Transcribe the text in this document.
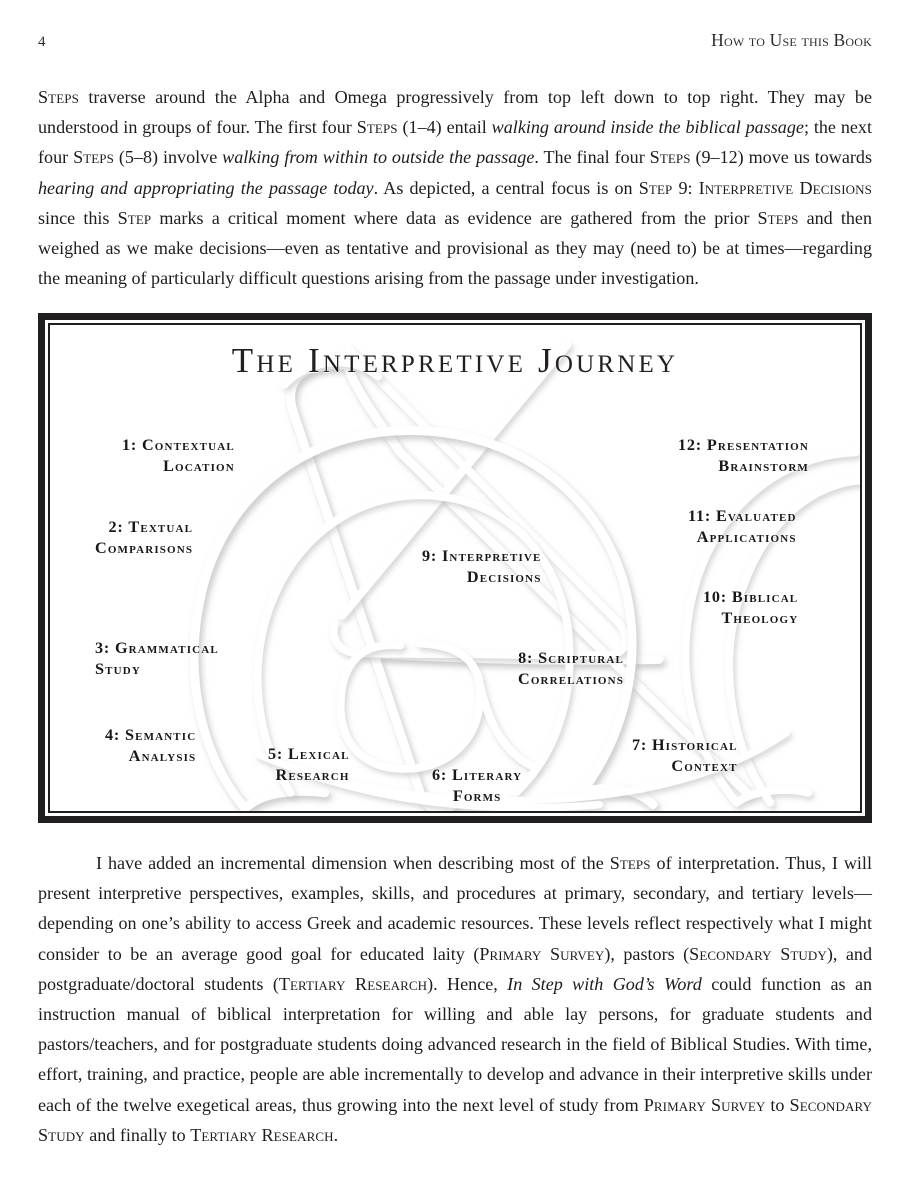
4	How to Use this Book

Steps traverse around the Alpha and Omega progressively from top left down to top right. They may be understood in groups of four. The first four Steps (1–4) entail walking around inside the biblical passage; the next four Steps (5–8) involve walking from within to outside the passage. The final four Steps (9–12) move us towards hearing and appropriating the passage today. As depicted, a central focus is on Step 9: Interpretive Decisions since this Step marks a critical moment where data as evidence are gathered from the prior Steps and then weighed as we make decisions—even as tentative and provisional as they may (need to) be at times—regarding the meaning of particularly difficult questions arising from the passage under investigation.

The Interpretive Journey
1: Contextual
Location
2: Textual
Comparisons
3: Grammatical
Study
4: Semantic
Analysis	5: Lexical
Research	6: Literary
Forms
7: Historical
Context
8: Scriptural
Correlations
9: Interpretive
Decisions
10: Biblical
Theology
11: Evaluated
Applications
12: Presentation
Brainstorm

I have added an incremental dimension when describing most of the Steps of interpretation. Thus, I will present interpretive perspectives, examples, skills, and procedures at primary, secondary, and tertiary levels—depending on one’s ability to access Greek and academic resources. These levels reflect respectively what I might consider to be an average good goal for educated laity (Primary Survey), pastors (Secondary Study), and postgraduate/doctoral students (Tertiary Research). Hence, In Step with God’s Word could function as an instruction manual of biblical interpretation for willing and able lay persons, for graduate students and pastors/teachers, and for postgraduate students doing advanced research in the field of Biblical Studies. With time, effort, training, and practice, people are able incrementally to develop and advance in their interpretive skills under each of the twelve exegetical areas, thus growing into the next level of study from Primary Survey to Secondary Study and finally to Tertiary Research.
